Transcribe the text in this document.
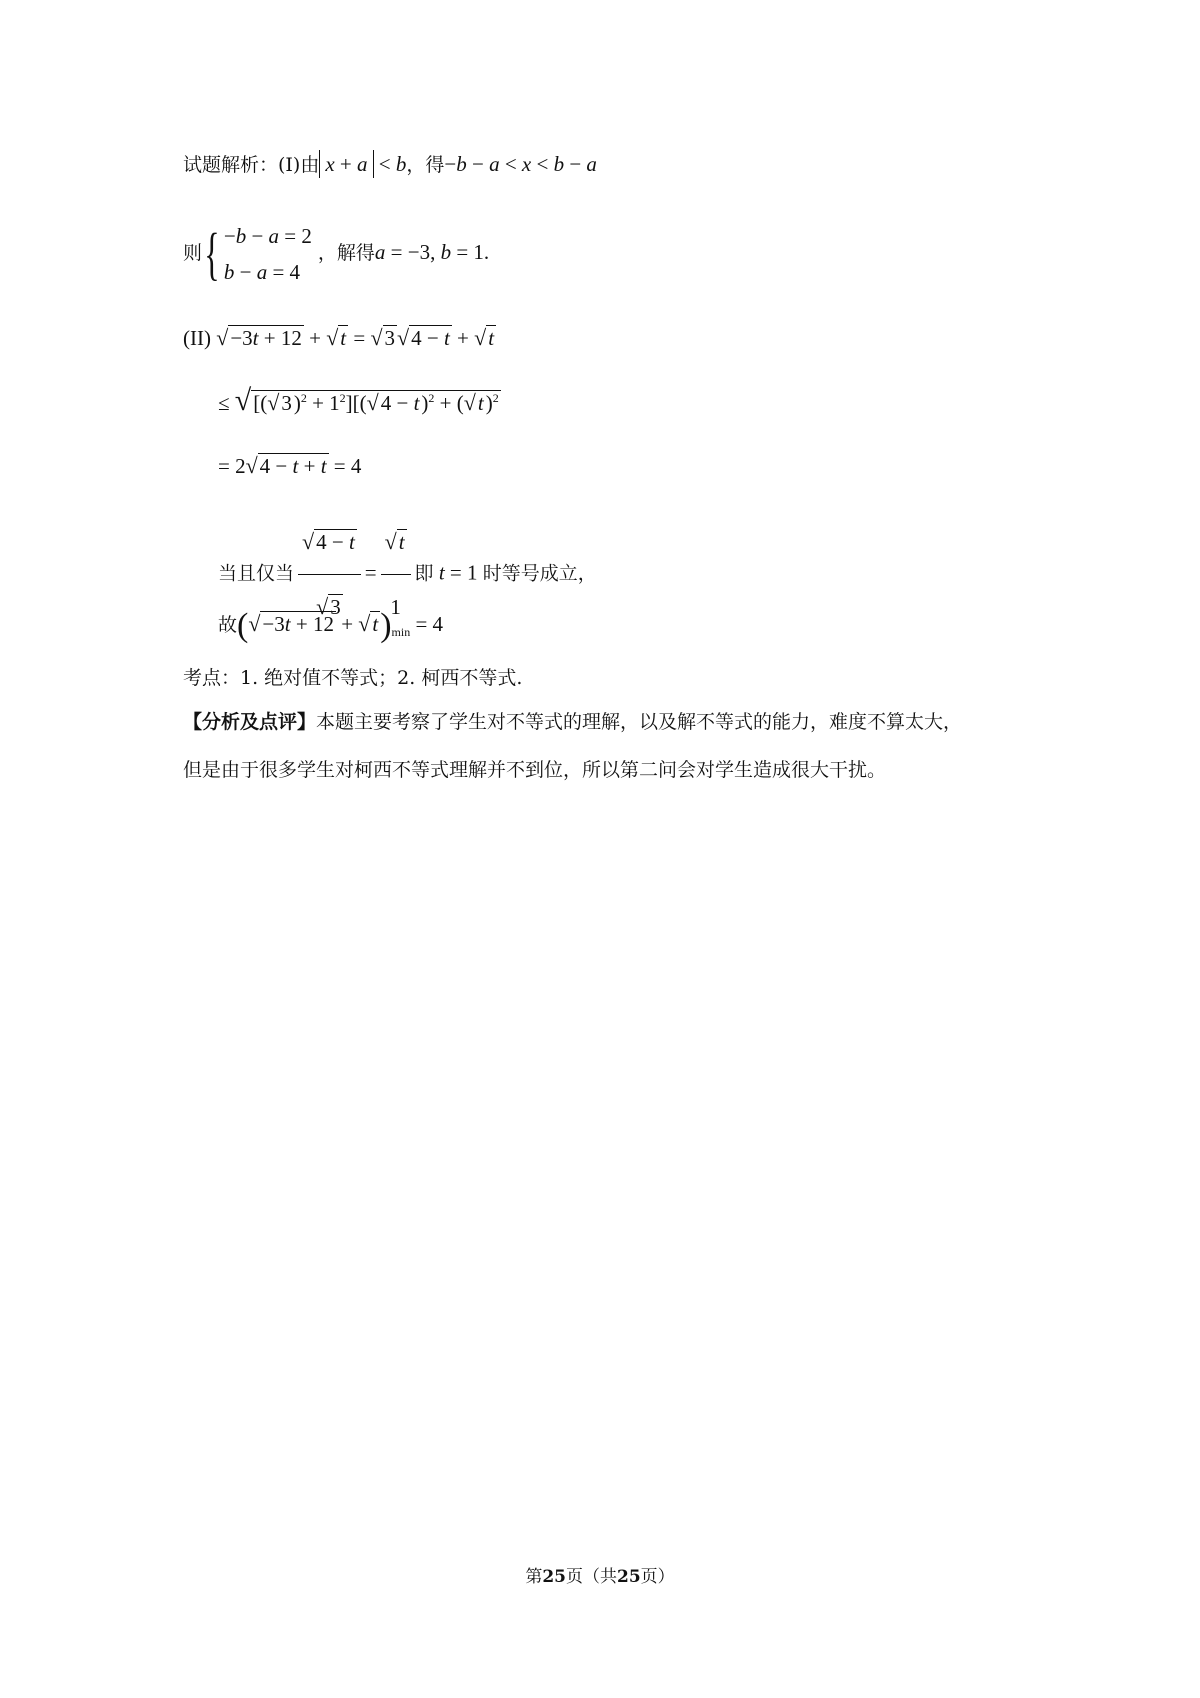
试题解析：(I)由 x + a < b，得−b − a < x < b − a
则{ −b − a = 2
b − a = 4
，解得a = −3, b = 1.
(II) √−3t + 12 + √t = √3√4 − t + √t
≤ $√[(√3)^2 + 1^2][(√4 - t)^2 + (√t)^2$
= 2√4 − t + t = 4
当且仅当 $\frac{√4 - t}{√3} = \frac{√t}{1}$ 即 t = 1 时等号成立，
故$(√-3t + 12 + √t)_{min} = 4$
考点：1. 绝对值不等式；2. 柯西不等式.
【分析及点评】本题主要考察了学生对不等式的理解，以及解不等式的能力，难度不算太大，
但是由于很多学生对柯西不等式理解并不到位，所以第二问会对学生造成很大干扰。
第25页（共25页）
